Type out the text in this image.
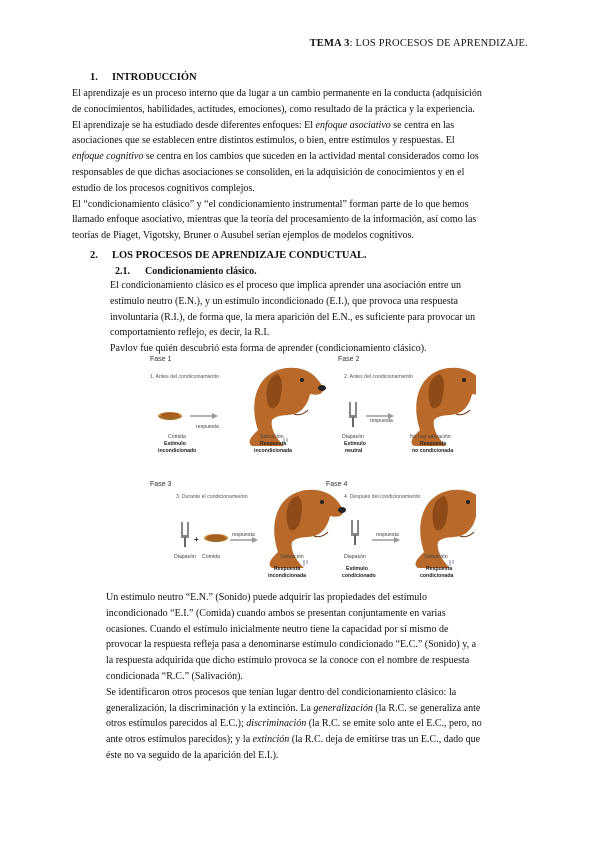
TEMA 3: LOS PROCESOS DE APRENDIZAJE.
1. INTRODUCCIÓN
El aprendizaje es un proceso interno que da lugar a un cambio permanente en la conducta (adquisición
de conocimientos, habilidades, actitudes, emociones), como resultado de la práctica y la experiencia.
El aprendizaje se ha estudiado desde diferentes enfoques: El enfoque asociativo se centra en las
asociaciones que se establecen entre distintos estímulos, o bien, entre estímulos y respuestas. El
enfoque cognitivo se centra en los cambios que suceden en la actividad mental considerados como los
responsables de que dichas asociaciones se consoliden, en la adquisición de conocimientos y en el
estudio de los procesos cognitivos complejos.
El “condicionamiento clásico” y “el condicionamiento instrumental” forman parte de lo que hemos
llamado enfoque asociativo, mientras que la teoría del procesamiento de la información, así como las
teorías de Piaget, Vigotsky, Bruner o Ausubel serían ejemplos de modelos cognitivos.
2. LOS PROCESOS DE APRENDIZAJE CONDUCTUAL.
2.1. Condicionamiento clásico.
El condicionamiento clásico es el proceso que implica aprender una asociación entre un
estímulo neutro (E.N.), y un estímulo incondicionado (E.I.), que provoca una respuesta
involuntaria (R.I.), de forma que, la mera aparición del E.N., es suficiente para provocar un
comportamiento reflejo, es decir, la R.I.
Pavlov fue quién descubrió esta forma de aprender (condicionamiento clásico).
Fase 1
1. Antes del condicionamiento
respuesta
Comida
Estímulo
incondicionado
Salivación
Respuesta
incondicionada
Fase 2
2. Antes del condicionamiento
respuesta
Diapasón
Estímulo
neutral
No hay salivación
Respuesta
no condicionada
Fase 3
3. Durante el condicionamiento
+	respuesta
Diapasón Comida	Salivación
Respuesta
incondicionada
Fase 4
4. Después del condicionamiento
respuesta
Diapasón
Estímulo
condicionado
Salivación
Respuesta
condicionada
Un estímulo neutro “E.N.” (Sonido) puede adquirir las propiedades del estímulo
incondicionado “E.I.” (Comida) cuando ambos se presentan conjuntamente en varias
ocasiones. Cuando el estímulo inicialmente neutro tiene la capacidad por sí mismo de
provocar la respuesta refleja pasa a denominarse estímulo condicionado “E.C.” (Sonido) y, a
la respuesta adquirida que dicho estímulo provoca se la conoce con el nombre de respuesta
condicionada “R.C.” (Salivación).
Se identificaron otros procesos que tenían lugar dentro del condicionamiento clásico: la
generalización, la discriminación y la extinción. La generalización (la R.C. se generaliza ante
otros estímulos parecidos al E.C.); discriminación (la R.C. se emite solo ante el E.C., pero, no
ante otros estímulos parecidos); y la extinción (la R.C. deja de emitirse tras un E.C., dado que
éste no va seguido de la aparición del E.I.).
